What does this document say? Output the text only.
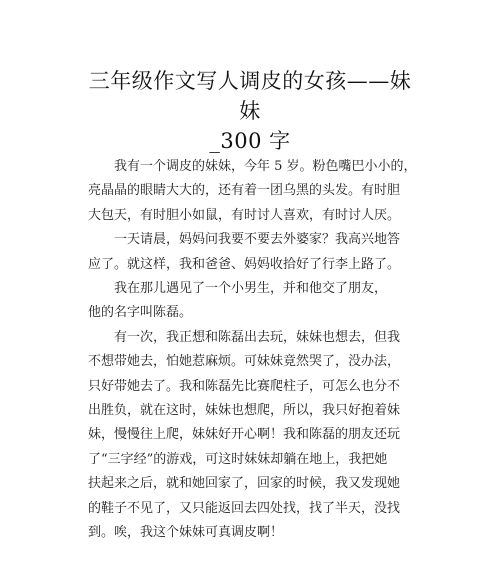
三年级作文写人调皮的女孩——妹妹
_300 字

我有一个调皮的妹妹，今年 5 岁。粉色嘴巴小小的，
亮晶晶的眼睛大大的，还有着一团乌黑的头发。有时胆
大包天，有时胆小如鼠，有时讨人喜欢，有时讨人厌。

一天请晨，妈妈问我要不要去外婆家？我高兴地答
应了。就这样，我和爸爸、妈妈收拾好了行李上路了。

我在那儿遇见了一个小男生，并和他交了朋友，
他的名字叫陈磊。

有一次，我正想和陈磊出去玩，妹妹也想去，但我
不想带她去，怕她惹麻烦。可妹妹竟然哭了，没办法，
只好带她去了。我和陈磊先比赛爬柱子，可怎么也分不
出胜负，就在这时，妹妹也想爬，所以，我只好抱着妹
妹，慢慢往上爬，妹妹好开心啊！我和陈磊的朋友还玩
了“三字经”的游戏，可这时妹妹却躺在地上，我把她
扶起来之后，就和她回家了，回家的时候，我又发现她
的鞋子不见了，又只能返回去四处找，找了半天，没找
到。唉，我这个妹妹可真调皮啊！
